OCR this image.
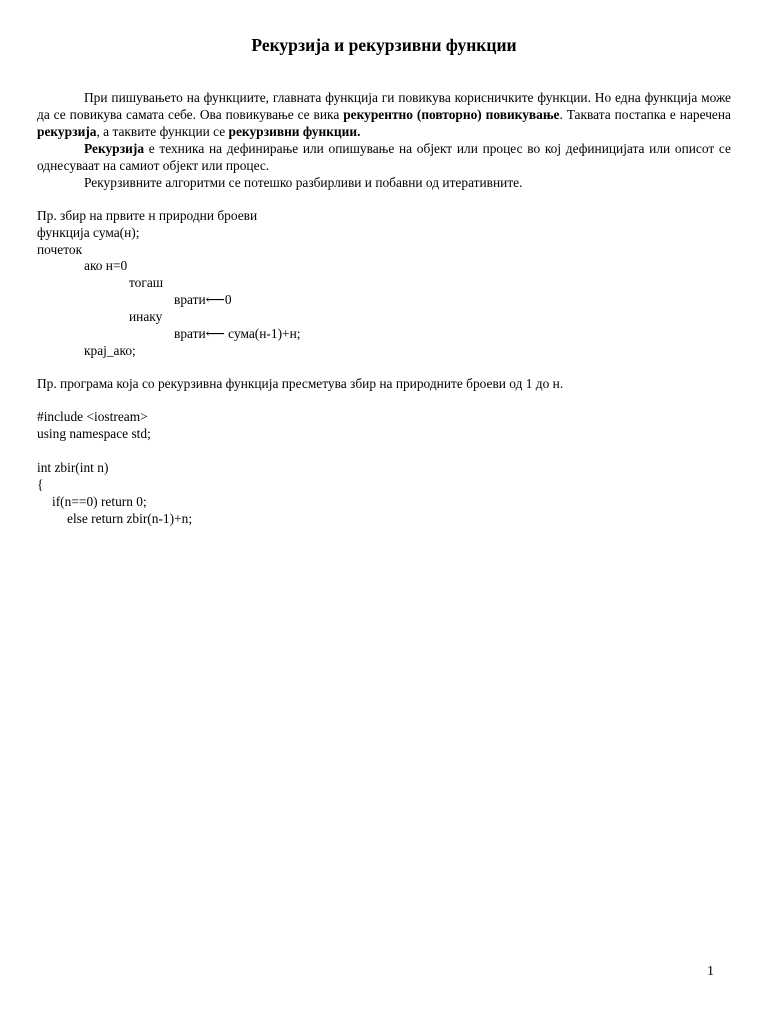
Рекурзија и рекурзивни функции

При пишувањето на функциите, главната функција ги повикува корисничките функции. Но една функција може да се повикува самата себе. Ова повикување се вика рекурентно (повторно) повикување. Таквата постапка е наречена рекурзија, а таквите функции се рекурзивни функции.

Рекурзија е техника на дефинирање или опишување на објект или процес во кој дефиницијата или описот се однесуваат на самиот објект или процес.

Рекурзивните алгоритми се потешко разбирливи и побавни од итеративните.

Пр. збир на првите н природни броеви
функција сума(н);
почеток
ако н=0
тогаш
врати⟵0
инаку
врати⟵ сума(н-1)+н;
крај_ако;
Пр. програма која со рекурзивна функција пресметува збир на природните броеви од 1 до н.
#include <iostream>
using namespace std;
int zbir(int n)
{
if(n==0) return 0;
else return zbir(n-1)+n;
1
